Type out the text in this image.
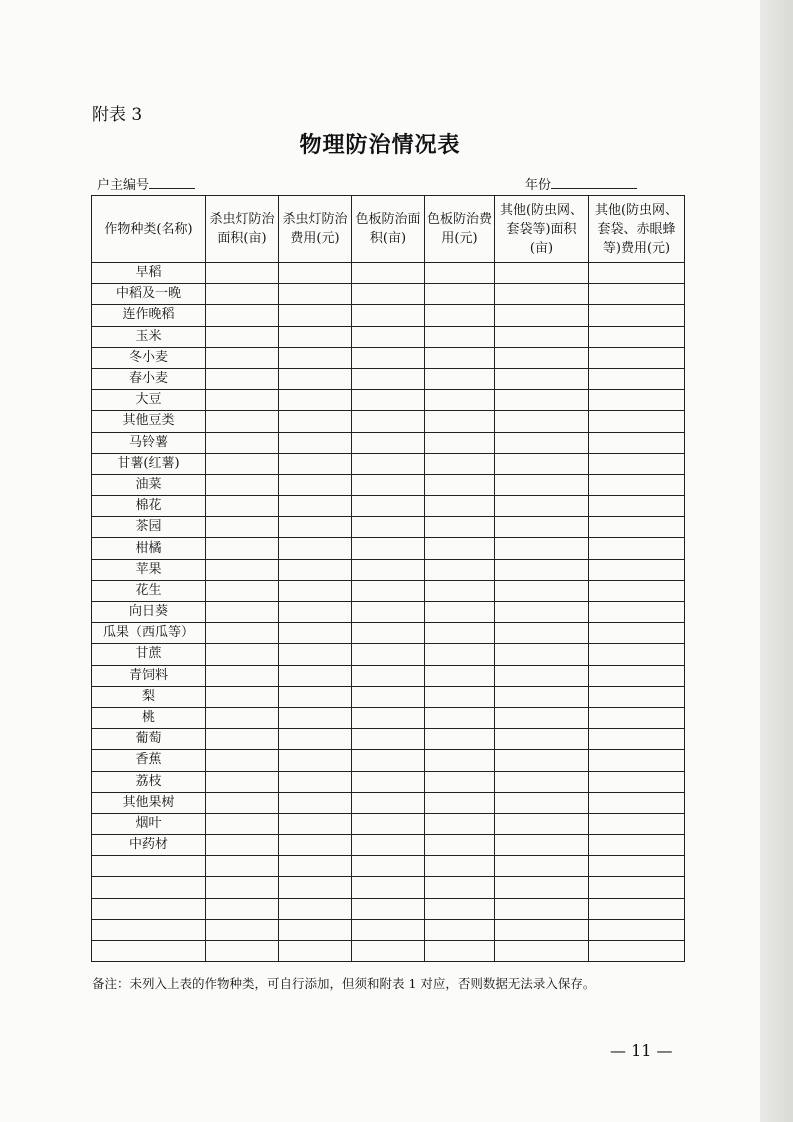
附表 3
物理防治情况表
户主编号	年份
作物种类(名称)	杀虫灯防治面积(亩)	杀虫灯防治费用(元)	色板防治面积(亩)	色板防治费用(元)	其他(防虫网、套袋等)面积(亩)	其他(防虫网、套袋、赤眼蜂等)费用(元)
早稻						
中稻及一晚						
连作晚稻						
玉米						
冬小麦						
春小麦						
大豆						
其他豆类						
马铃薯						
甘薯(红薯)						
油菜						
棉花						
茶园						
柑橘						
苹果						
花生						
向日葵						
瓜果（西瓜等）						
甘蔗						
青饲料						
梨						
桃						
葡萄						
香蕉						
荔枝						
其他果树						
烟叶						
中药材						

备注：未列入上表的作物种类，可自行添加，但须和附表 1 对应，否则数据无法录入保存。
— 11 —
